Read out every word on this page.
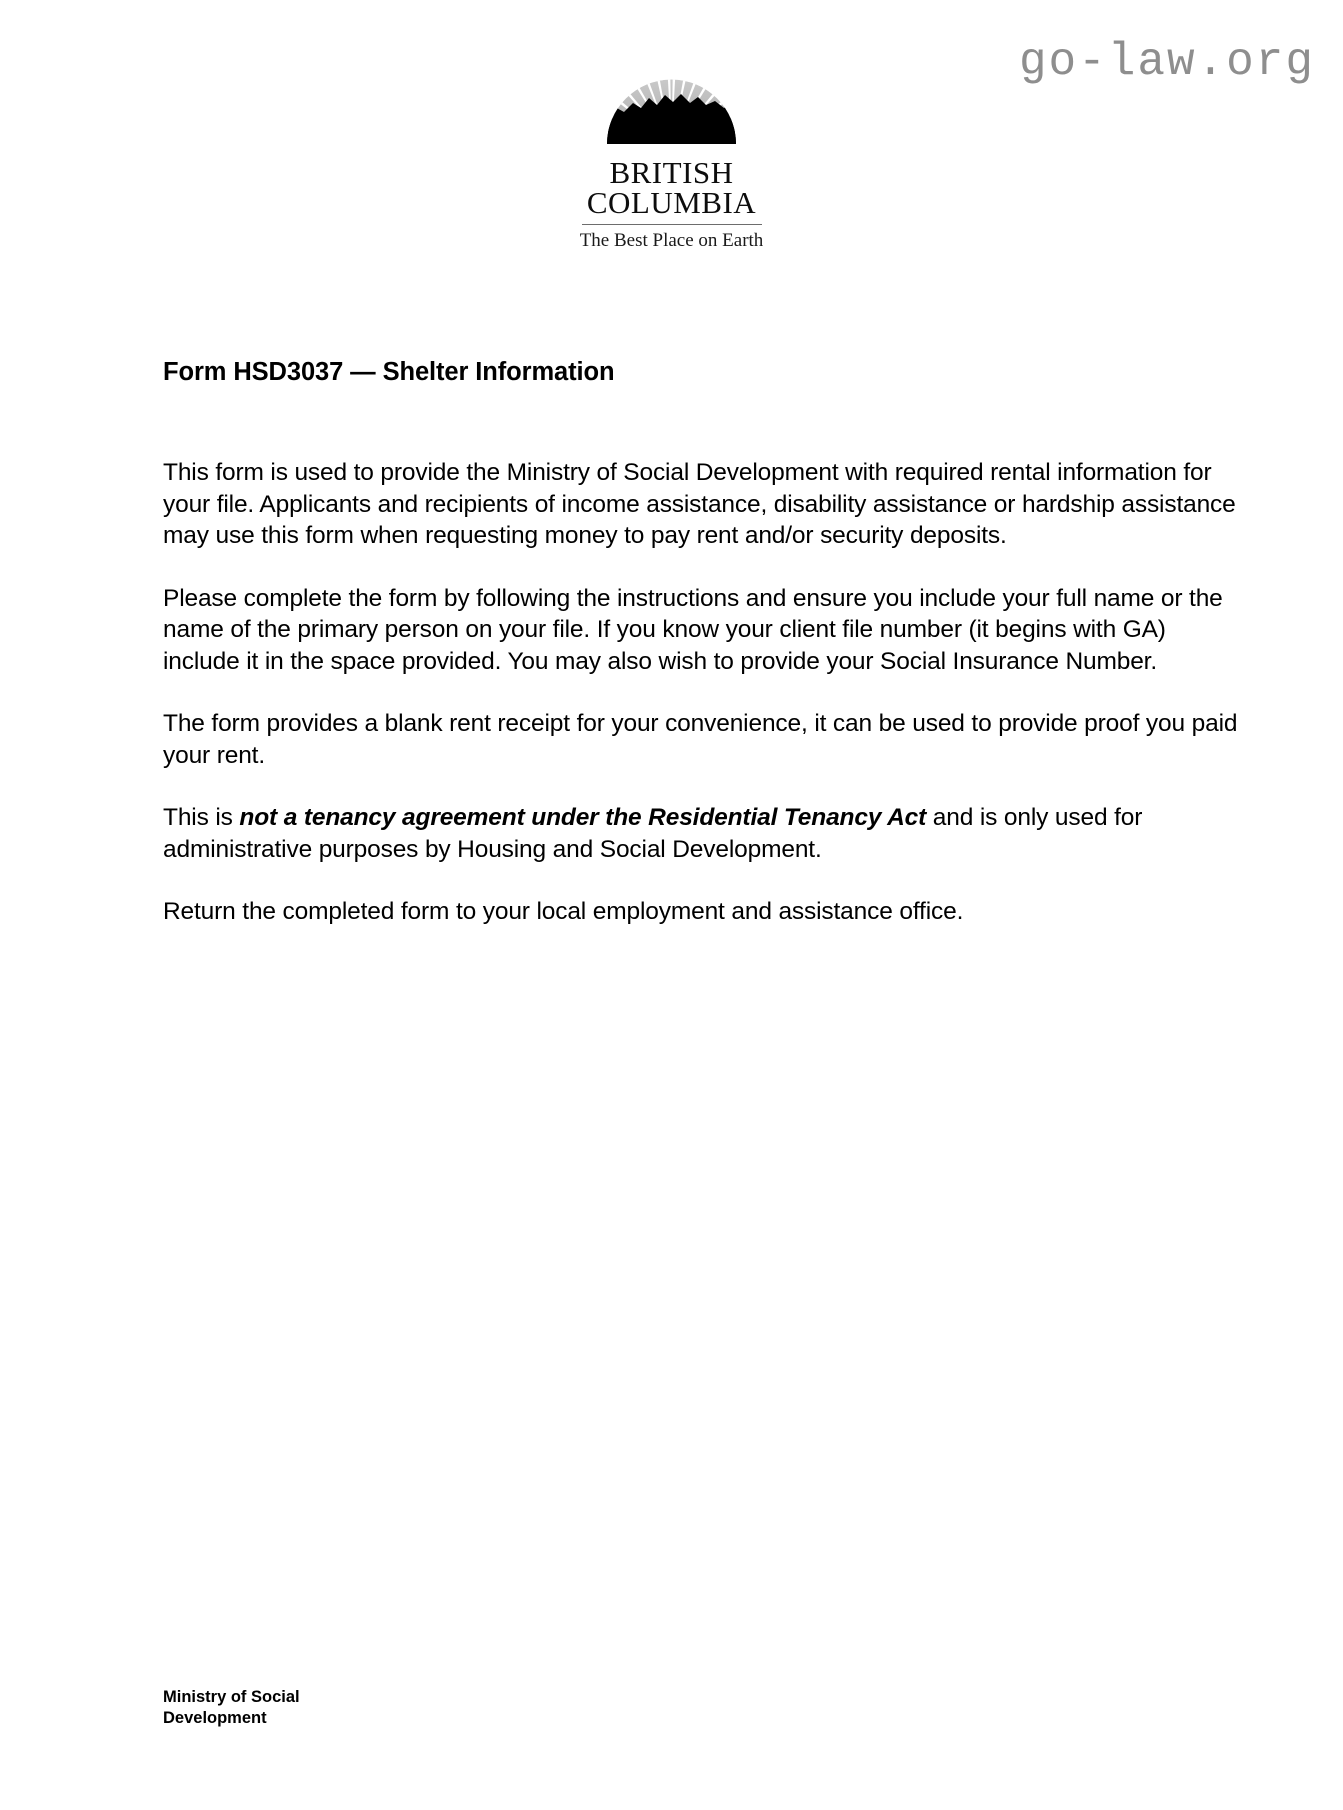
go-law.org
BRITISH
COLUMBIA
The Best Place on Earth
Form HSD3037 — Shelter Information

This form is used to provide the Ministry of Social Development with required rental information for your file. Applicants and recipients of income assistance, disability assistance or hardship assistance may use this form when requesting money to pay rent and/or security deposits.

Please complete the form by following the instructions and ensure you include your full name or the name of the primary person on your file. If you know your client file number (it begins with GA) include it in the space provided. You may also wish to provide your Social Insurance Number.

The form provides a blank rent receipt for your convenience, it can be used to provide proof you paid your rent.

This is not a tenancy agreement under the Residential Tenancy Act and is only used for administrative purposes by Housing and Social Development.

Return the completed form to your local employment and assistance office.

Ministry of Social
Development
